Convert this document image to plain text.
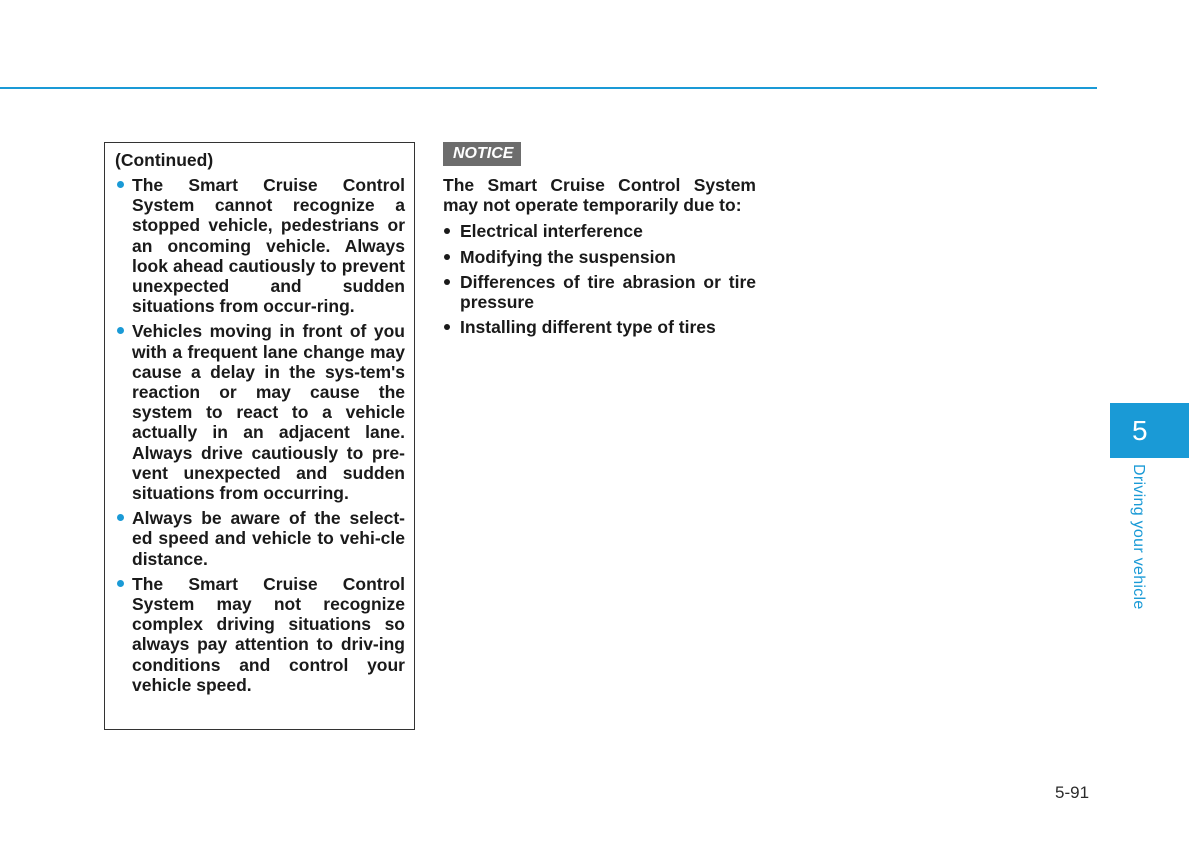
(Continued)

The Smart Cruise Control System cannot recognize a stopped vehicle, pedestrians or an oncoming vehicle. Always look ahead cautiously to prevent unexpected and sudden situations from occur-ring.
Vehicles moving in front of you with a frequent lane change may cause a delay in the sys-tem's reaction or may cause the system to react to a vehicle actually in an adjacent lane. Always drive cautiously to pre-vent unexpected and sudden situations from occurring.
Always be aware of the select-ed speed and vehicle to vehi-cle distance.
The Smart Cruise Control System may not recognize complex driving situations so always pay attention to driv-ing conditions and control your vehicle speed.
NOTICE

The Smart Cruise Control System may not operate temporarily due to:

Electrical interference
Modifying the suspension
Differences of tire abrasion or tire pressure
Installing different type of tires
5
Driving your vehicle
5-91
